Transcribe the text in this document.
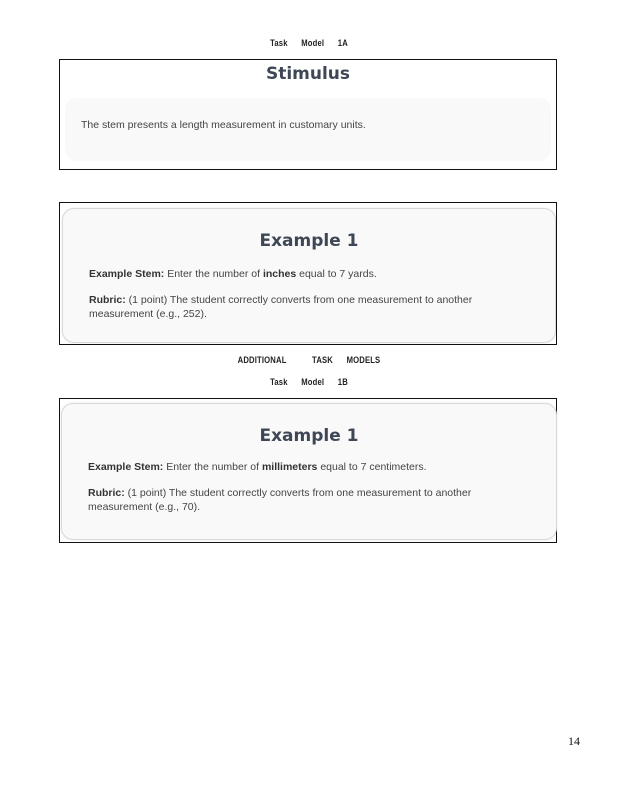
Task Model 1A
Stimulus
The stem presents a length measurement in customary units.
Example 1
Example Stem: Enter the number of inches equal to 7 yards.
Rubric: (1 point) The student correctly converts from one measurement to another measurement (e.g., 252).
ADDITIONAL	TASK MODELS
Task Model 1B
Example 1
Example Stem: Enter the number of millimeters equal to 7 centimeters.
Rubric: (1 point) The student correctly converts from one measurement to another measurement (e.g., 70).
14
